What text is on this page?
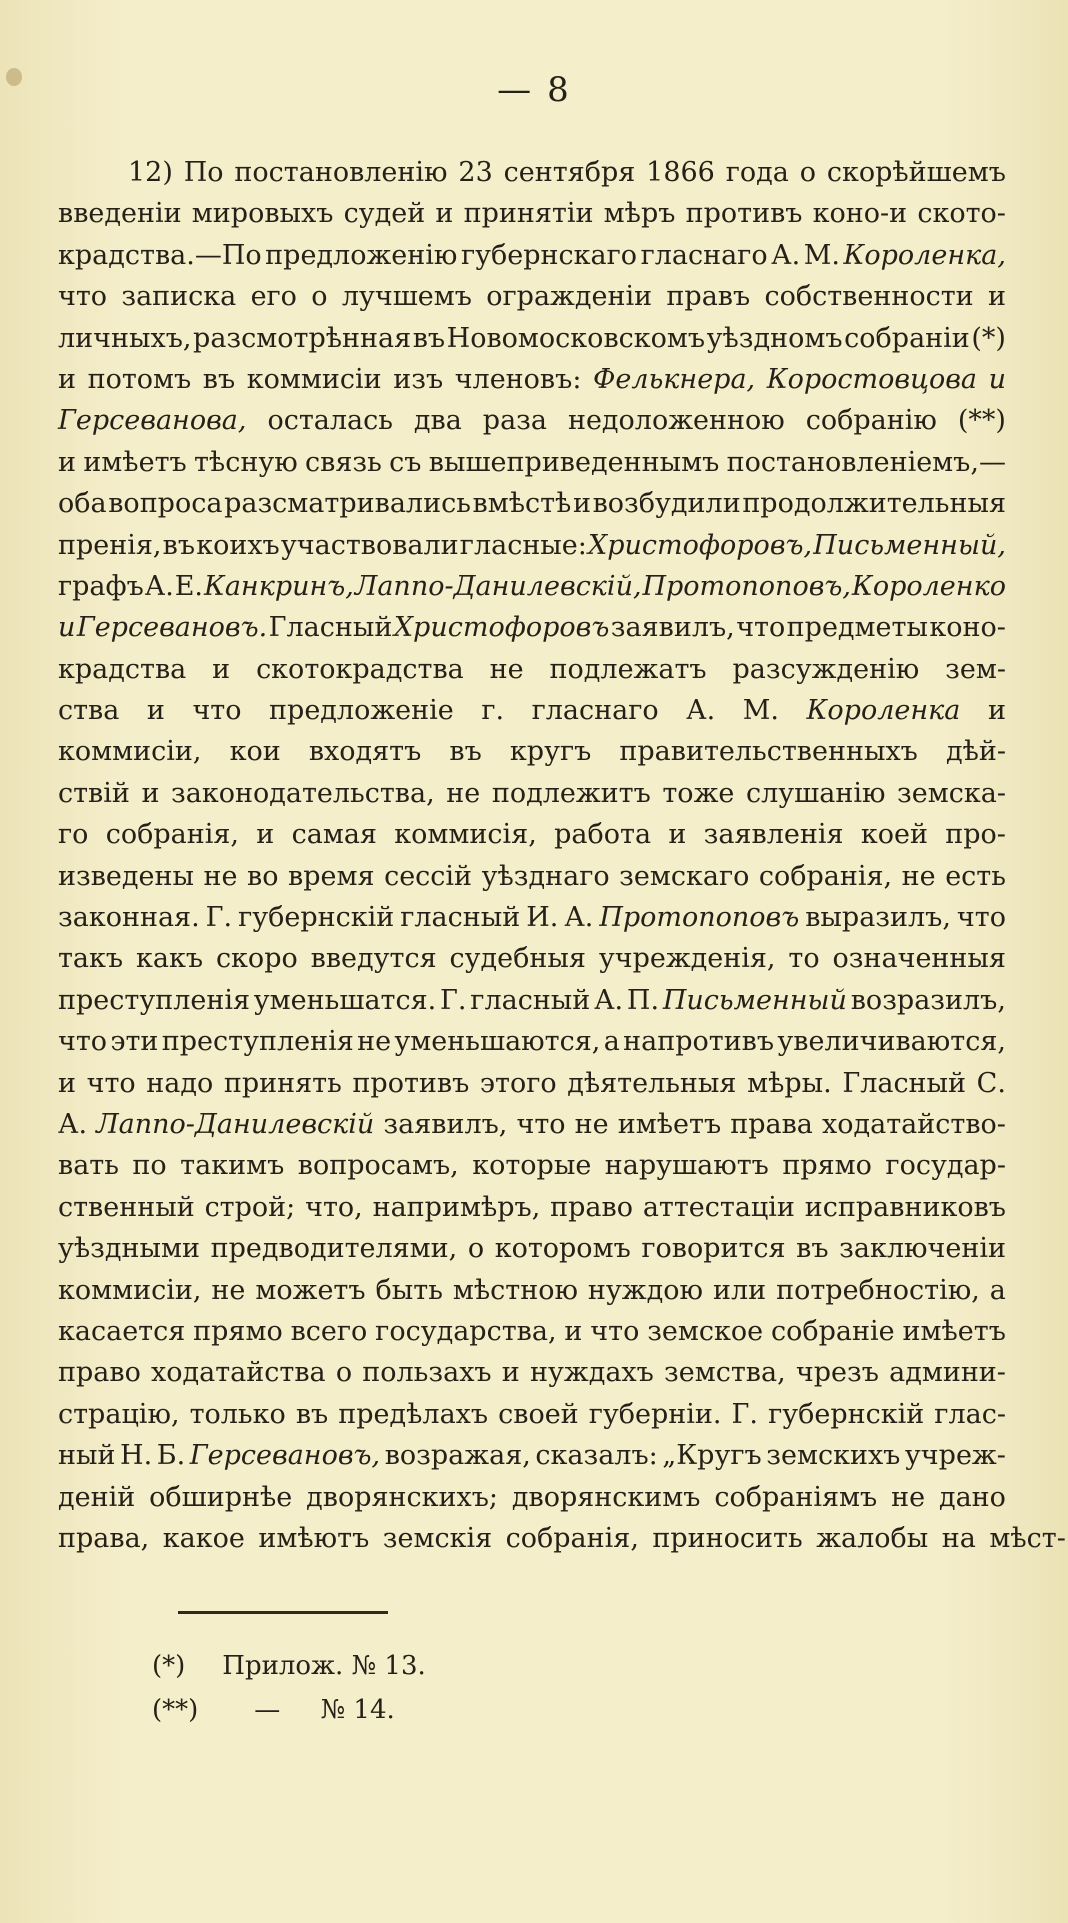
— 8
12) По постановленію 23 сентября 1866 года о скорѣйшемъ
введеніи мировыхъ судей и принятіи мѣръ противъ коно-и ското-
крадства.—По предложенію губернскаго гласнаго А. М. Короленка,
что записка его о лучшемъ огражденіи правъ собственности и
личныхъ, разсмотрѣнная въ Новомосковскомъ уѣздномъ собраніи (*)
и потомъ въ коммисіи изъ членовъ: Фелькнера, Коростовцова и
Герсеванова, осталась два раза недоложенною собранію (**)
и имѣетъ тѣсную связь съ вышеприведеннымъ постановленіемъ,—
оба вопроса разсматривались вмѣстѣ и возбудили продолжительныя
пренія, въ коихъ участвовали гласные: Христофоровъ, Письменный,
графъ А. Е. Канкринъ, Лаппо-Данилевскій, Протопоповъ, Короленко
и Герсевановъ. Гласный Христофоровъ заявилъ, что предметы коно-
крадства и скотокрадства не подлежатъ разсужденію зем-
ства и что предложеніе г. гласнаго А. М. Короленка и
коммисіи, кои входятъ въ кругъ правительственныхъ дѣй-
ствій и законодательства, не подлежитъ тоже слушанію земска-
го собранія, и самая коммисія, работа и заявленія коей про-
изведены не во время сессій уѣзднаго земскаго собранія, не есть
законная. Г. губернскій гласный И. А. Протопоповъ выразилъ, что
такъ какъ скоро введутся судебныя учрежденія, то означенныя
преступленія уменьшатся. Г. гласный А. П. Письменный возразилъ,
что эти преступленія не уменьшаются, а напротивъ увеличиваются,
и что надо принять противъ этого дѣятельныя мѣры. Гласный С.
А. Лаппо-Данилевскій заявилъ, что не имѣетъ права ходатайство-
вать по такимъ вопросамъ, которые нарушаютъ прямо государ-
ственный строй; что, напримѣръ, право аттестаціи исправниковъ
уѣздными предводителями, о которомъ говорится въ заключеніи
коммисіи, не можетъ быть мѣстною нуждою или потребностію, а
касается прямо всего государства, и что земское собраніе имѣетъ
право ходатайства о пользахъ и нуждахъ земства, чрезъ админи-
страцію, только въ предѣлахъ своей губерніи. Г. губернскій глас-
ный Н. Б. Герсевановъ, возражая, сказалъ: „Кругъ земскихъ учреж-
деній обширнѣе дворянскихъ; дворянскимъ собраніямъ не дано
права, какое имѣютъ земскія собранія, приносить жалобы на мѣст-
(*) Прилож. № 13.
(**) — № 14.
